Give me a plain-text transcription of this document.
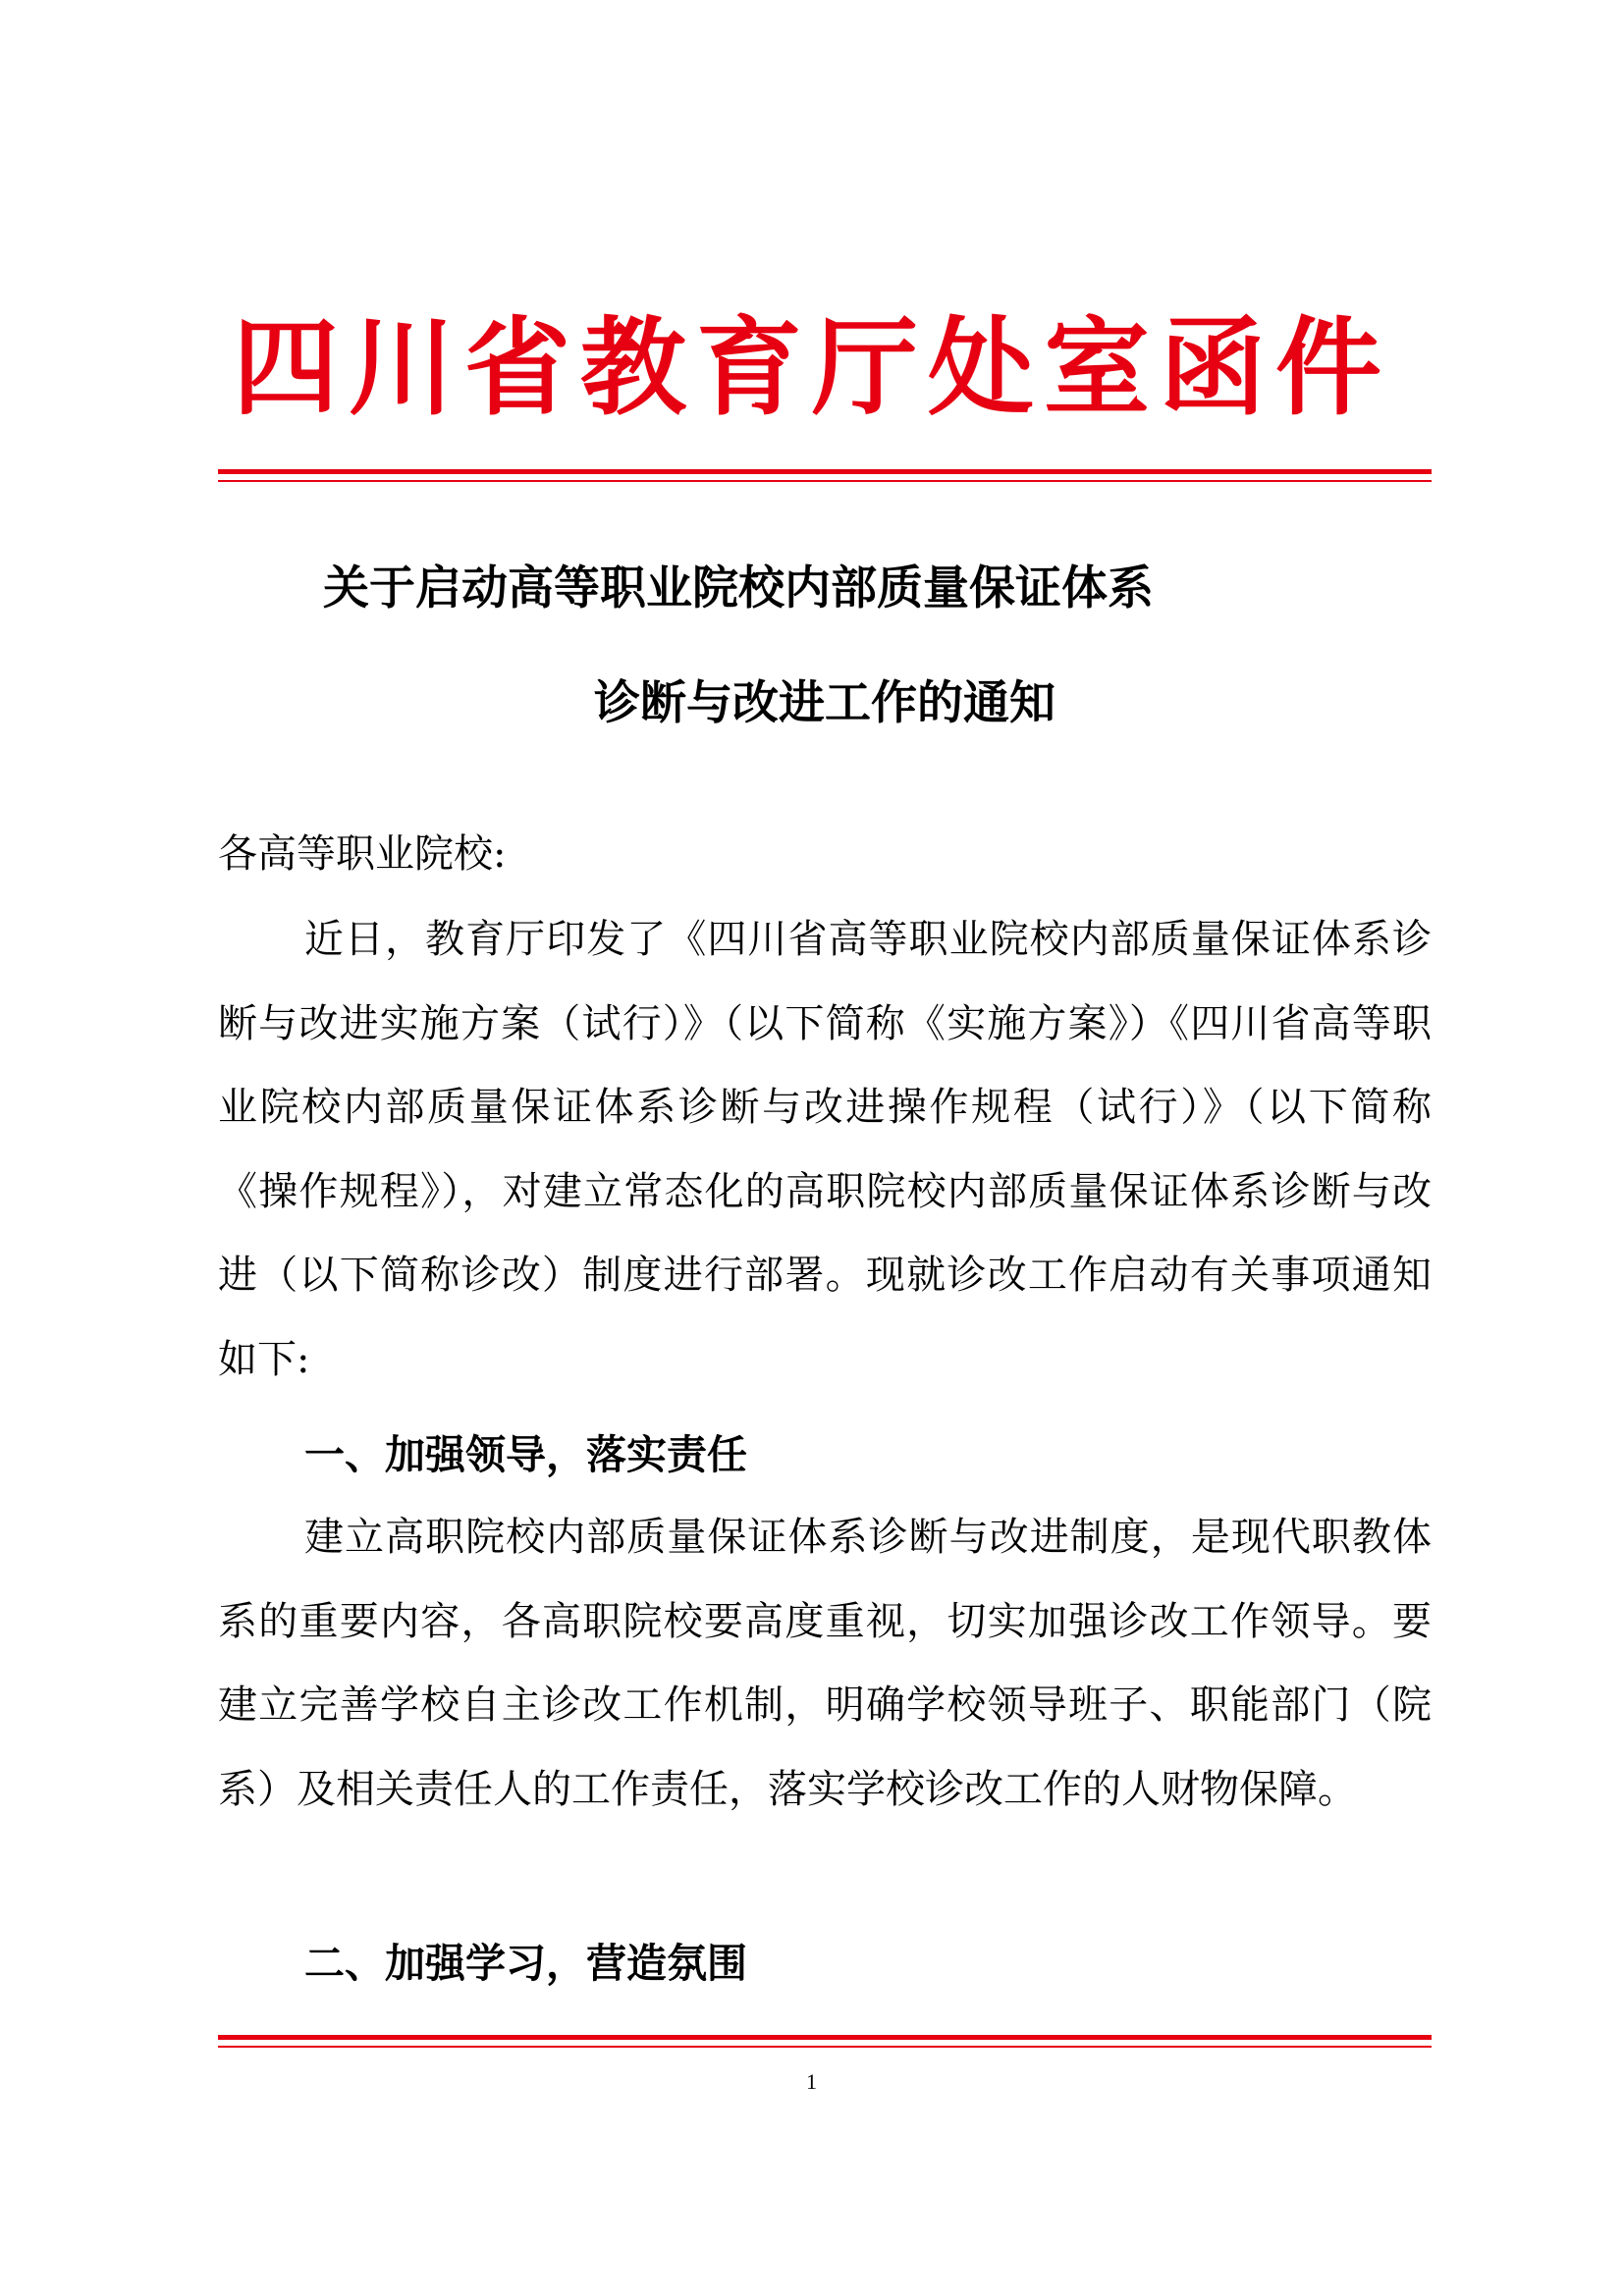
四川省教育厅处室函件
关于启动高等职业院校内部质量保证体系
诊断与改进工作的通知

各高等职业院校:

近日，教育厅印发了《四川省高等职业院校内部质量保证体系诊断与改进实施方案（试行）》（以下简称《实施方案》）《四川省高等职业院校内部质量保证体系诊断与改进操作规程（试行）》（以下简称《操作规程》），对建立常态化的高职院校内部质量保证体系诊断与改进（以下简称诊改）制度进行部署。现就诊改工作启动有关事项通知如下:

一、加强领导，落实责任

建立高职院校内部质量保证体系诊断与改进制度，是现代职教体系的重要内容，各高职院校要高度重视，切实加强诊改工作领导。要建立完善学校自主诊改工作机制，明确学校领导班子、职能部门（院系）及相关责任人的工作责任，落实学校诊改工作的人财物保障。

二、加强学习，营造氛围

1
